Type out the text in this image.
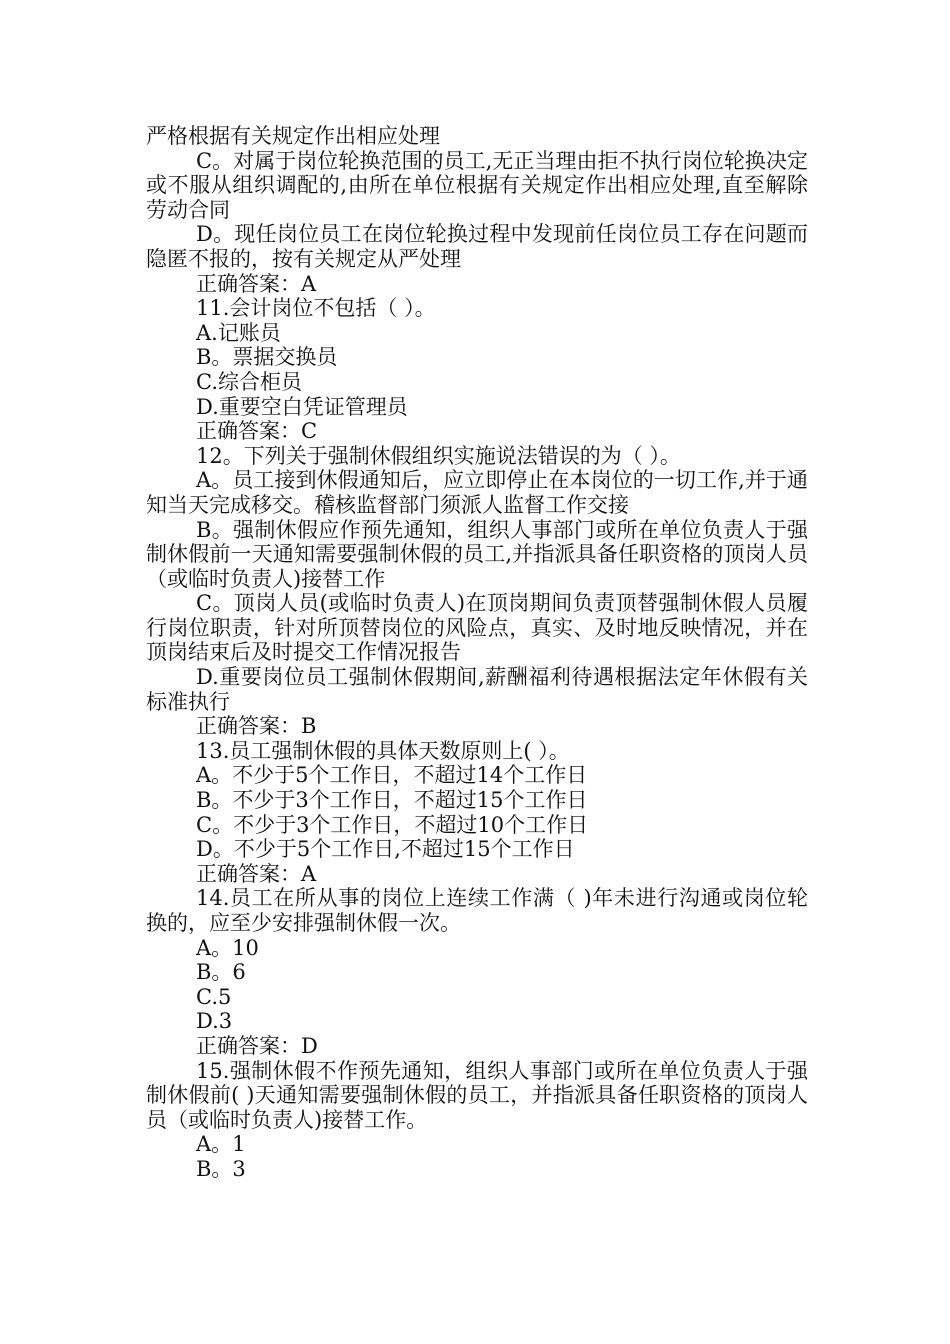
严格根据有关规定作出相应处理

C。对属于岗位轮换范围的员工,无正当理由拒不执行岗位轮换决定或不服从组织调配的,由所在单位根据有关规定作出相应处理,直至解除劳动合同

D。现任岗位员工在岗位轮换过程中发现前任岗位员工存在问题而隐匿不报的，按有关规定从严处理

正确答案：A

11.会计岗位不包括（ ）。

A.记账员

B。票据交换员

C.综合柜员

D.重要空白凭证管理员

正确答案：C

12。下列关于强制休假组织实施说法错误的为（ ）。

A。员工接到休假通知后，应立即停止在本岗位的一切工作,并于通知当天完成移交。稽核监督部门须派人监督工作交接

B。强制休假应作预先通知，组织人事部门或所在单位负责人于强制休假前一天通知需要强制休假的员工,并指派具备任职资格的顶岗人员（或临时负责人)接替工作

C。顶岗人员(或临时负责人)在顶岗期间负责顶替强制休假人员履行岗位职责，针对所顶替岗位的风险点，真实、及时地反映情况，并在顶岗结束后及时提交工作情况报告

D.重要岗位员工强制休假期间,薪酬福利待遇根据法定年休假有关标准执行

正确答案：B

13.员工强制休假的具体天数原则上( ）。

A。不少于5个工作日，不超过14个工作日

B。不少于3个工作日，不超过15个工作日

C。不少于3个工作日，不超过10个工作日

D。不少于5个工作日,不超过15个工作日

正确答案：A

14.员工在所从事的岗位上连续工作满（ )年未进行沟通或岗位轮换的，应至少安排强制休假一次。

A。10

B。6

C.5

D.3

正确答案：D

15.强制休假不作预先通知，组织人事部门或所在单位负责人于强制休假前( )天通知需要强制休假的员工，并指派具备任职资格的顶岗人员（或临时负责人)接替工作。

A。1

B。3
